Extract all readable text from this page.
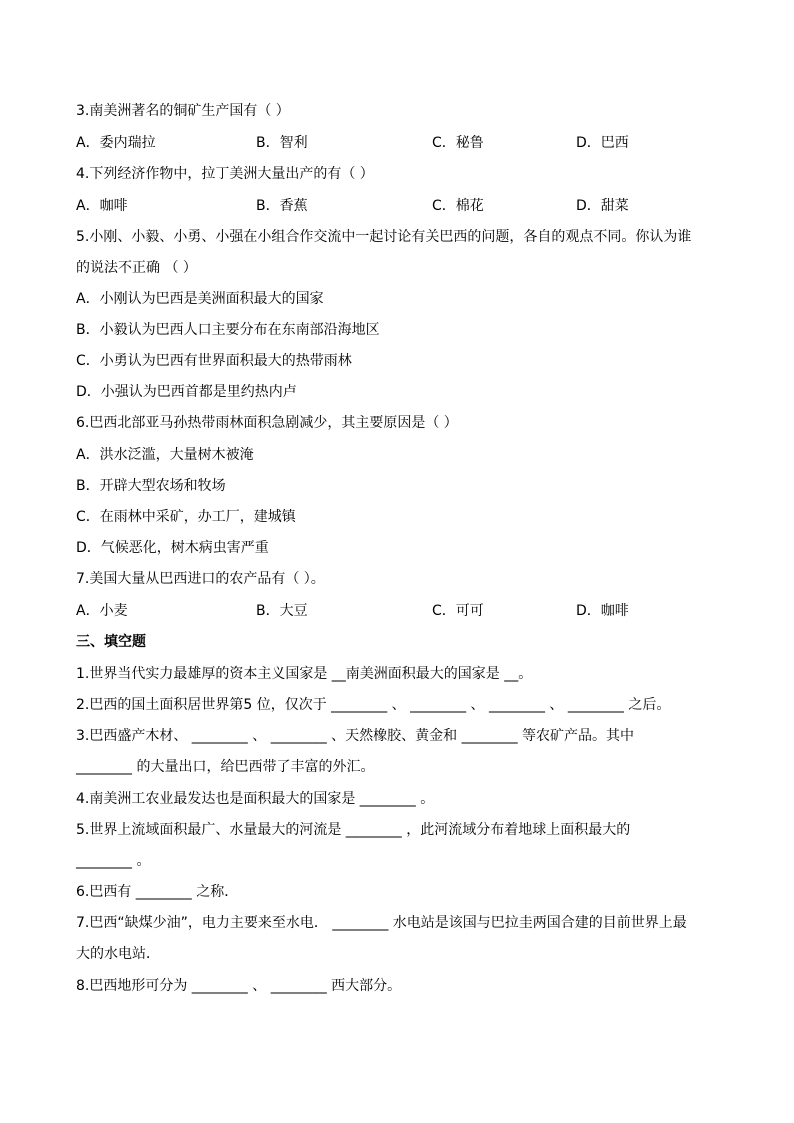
3.南美洲著名的铜矿生产国有（ ）
A．委内瑞拉	B．智利	C．秘鲁	D．巴西
4.下列经济作物中，拉丁美洲大量出产的有（ ）
A．咖啡	B．香蕉	C．棉花	D．甜菜
5.小刚、小毅、小勇、小强在小组合作交流中一起讨论有关巴西的问题，各自的观点不同。你认为谁
的说法不正确 （ ）
A．小刚认为巴西是美洲面积最大的国家
B．小毅认为巴西人口主要分布在东南部沿海地区
C．小勇认为巴西有世界面积最大的热带雨林
D．小强认为巴西首都是里约热内卢
6.巴西北部亚马孙热带雨林面积急剧减少，其主要原因是（ ）
A．洪水泛滥，大量树木被淹
B．开辟大型农场和牧场
C．在雨林中采矿，办工厂，建城镇
D．气候恶化，树木病虫害严重
7.美国大量从巴西进口的农产品有（ ）。
A．小麦	B．大豆	C．可可	D．咖啡
三、填空题
1.世界当代实力最雄厚的资本主义国家是 __南美洲面积最大的国家是 __。
2.巴西的国土面积居世界第5 位，仅次于 ________ 、 ________ 、 ________ 、 ________ 之后。
3.巴西盛产木材、 ________ 、 ________ 、天然橡胶、黄金和 ________ 等农矿产品。其中
________ 的大量出口，给巴西带了丰富的外汇。
4.南美洲工农业最发达也是面积最大的国家是 ________ 。
5.世界上流域面积最广、水量最大的河流是 ________ ，此河流域分布着地球上面积最大的
________ 。
6.巴西有 ________ 之称．
7.巴西“缺煤少油”，电力主要来至水电． ________ 水电站是该国与巴拉圭两国合建的目前世界上最
大的水电站．
8.巴西地形可分为 ________ 、 ________ 西大部分。
